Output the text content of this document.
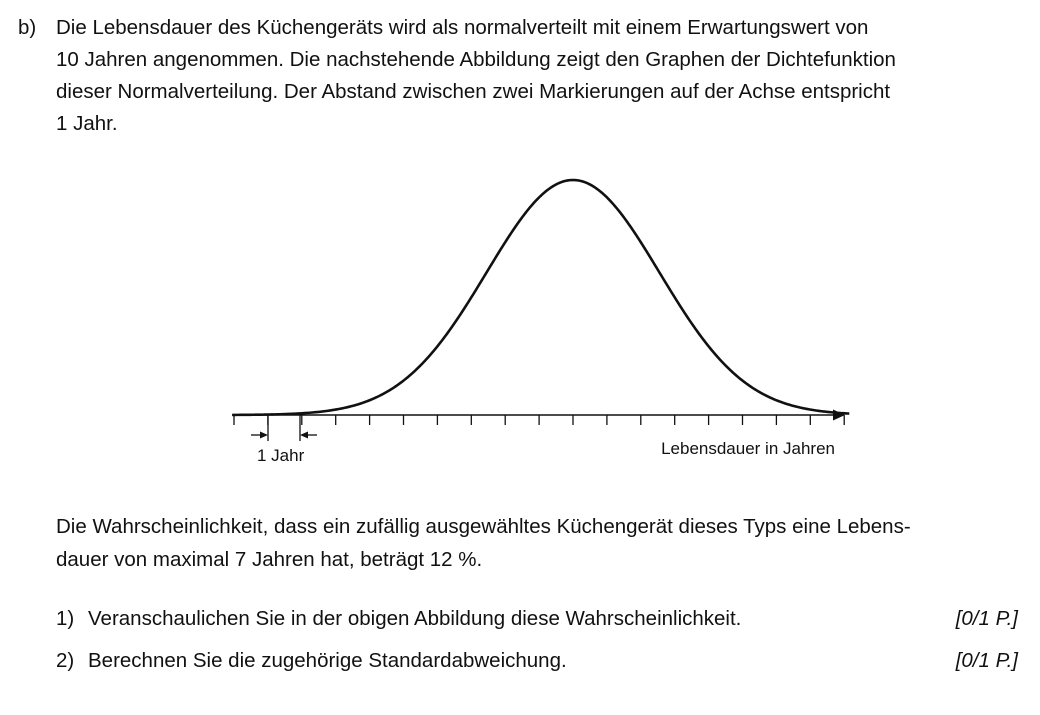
b) Die Lebensdauer des Küchengeräts wird als normalverteilt mit einem Erwartungswert von
10 Jahren angenommen. Die nachstehende Abbildung zeigt den Graphen der Dichtefunktion
dieser Normalverteilung. Der Abstand zwischen zwei Markierungen auf der Achse entspricht
1 Jahr.
1 Jahr	Lebensdauer in Jahren
Die Wahrscheinlichkeit, dass ein zufällig ausgewähltes Küchengerät dieses Typs eine Lebens-
dauer von maximal 7 Jahren hat, beträgt 12 %.
1) Veranschaulichen Sie in der obigen Abbildung diese Wahrscheinlichkeit.	[0/1 P.]
2) Berechnen Sie die zugehörige Standardabweichung.	[0/1 P.]
